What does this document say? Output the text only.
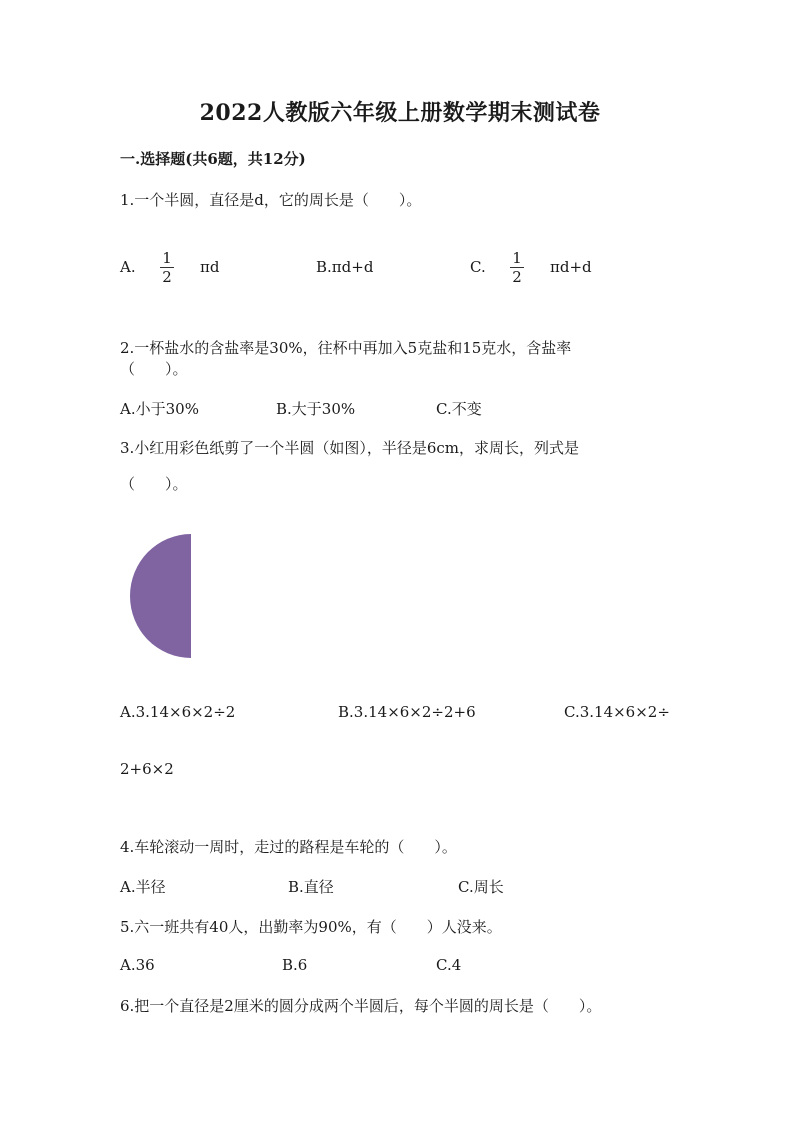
2022人教版六年级上册数学期末测试卷
一.选择题(共6题，共12分)
1.一个半圆，直径是d，它的周长是（　　）。
A. 1
2
πd	B.πd+d	C. 1
2
πd+d
2.一杯盐水的含盐率是30%，往杯中再加入5克盐和15克水，含盐率
（　　）。
A.小于30%	B.大于30%	C.不变
3.小红用彩色纸剪了一个半圆（如图），半径是6cm，求周长，列式是
（　　）。
A.3.14×6×2÷2	B.3.14×6×2÷2+6	C.3.14×6×2÷
2+6×2
4.车轮滚动一周时，走过的路程是车轮的（　　）。
A.半径	B.直径	C.周长
5.六一班共有40人，出勤率为90%，有（　　）人没来。
A.36	B.6	C.4
6.把一个直径是2厘米的圆分成两个半圆后，每个半圆的周长是（　　）。
